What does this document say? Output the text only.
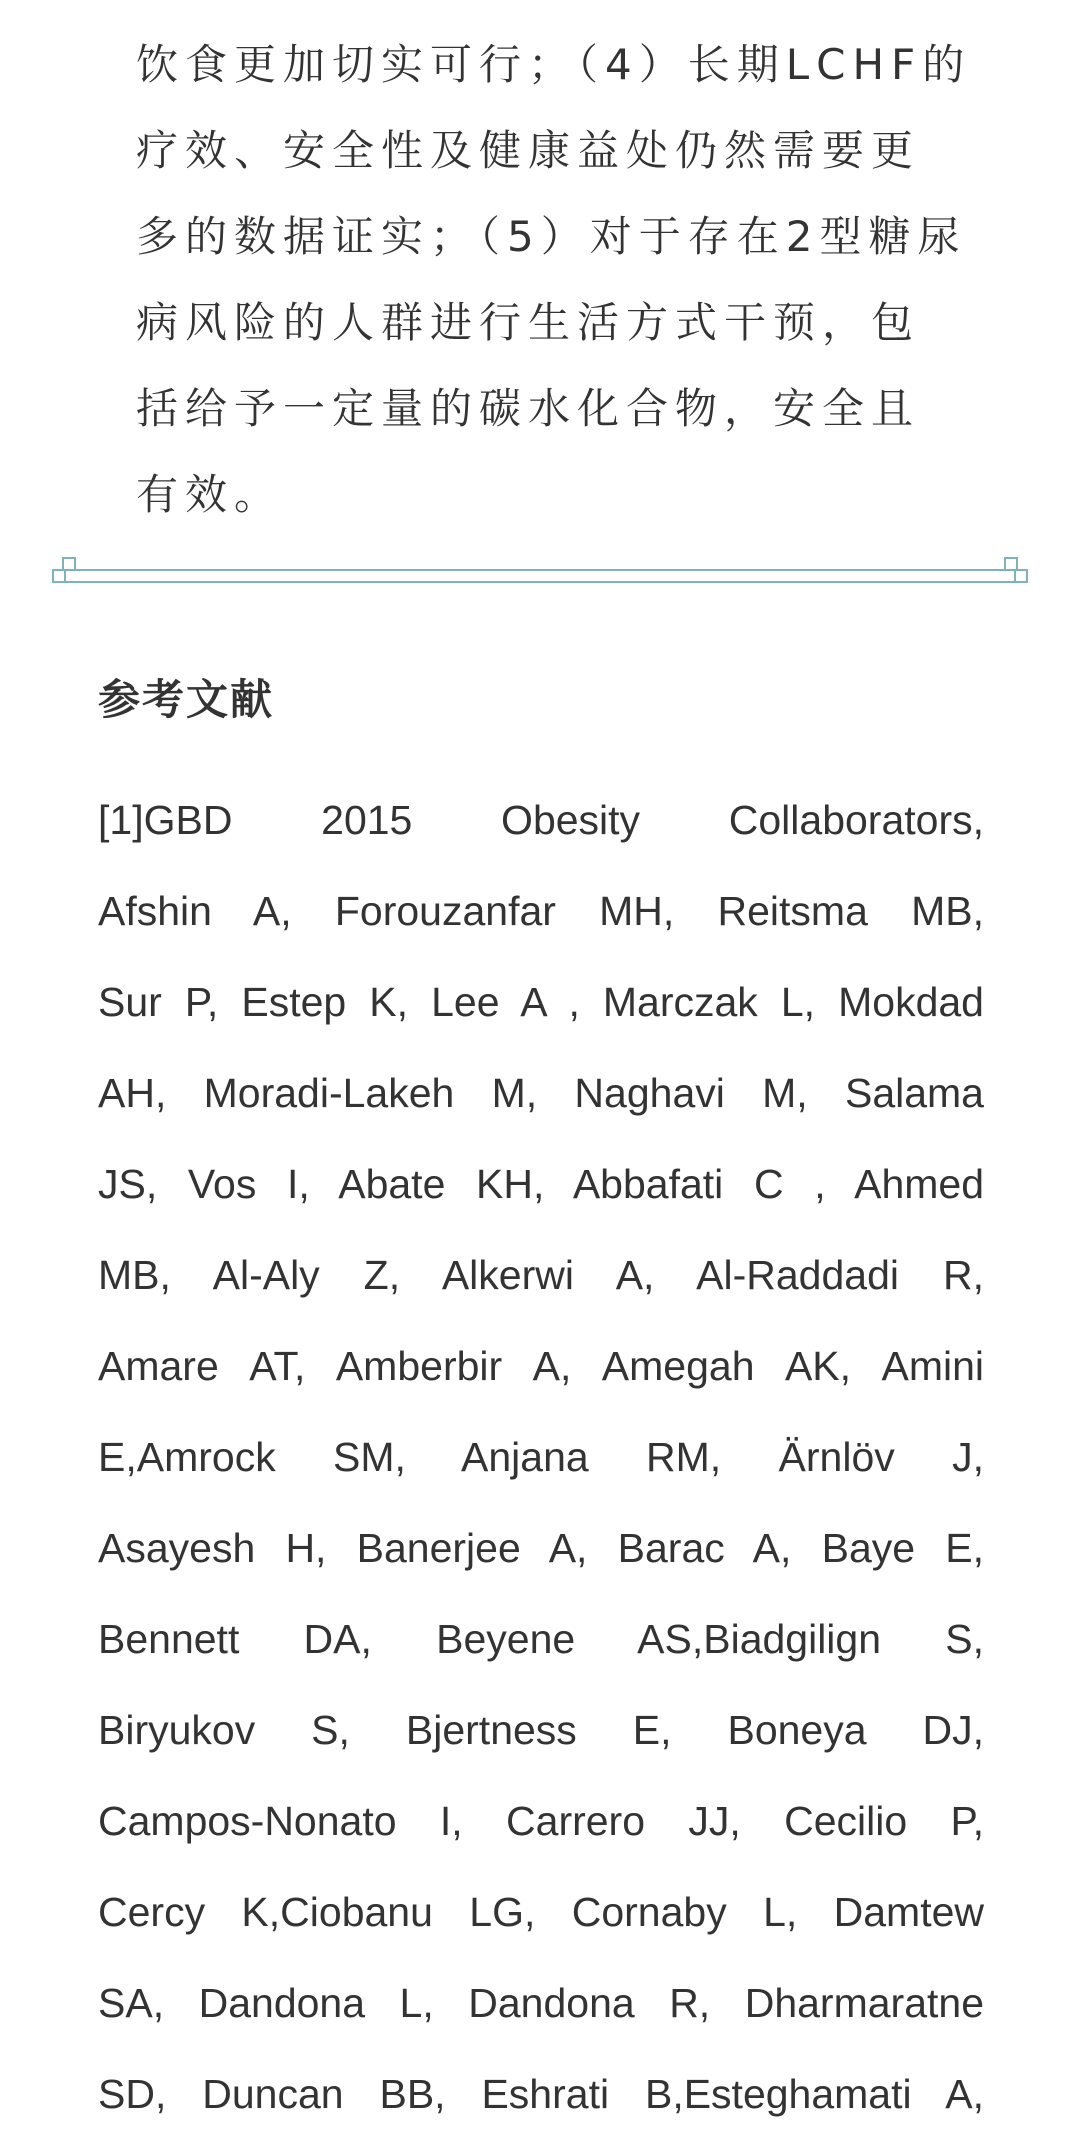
饮食更加切实可行；（4）长期LCHF的
疗效、安全性及健康益处仍然需要更
多的数据证实；（5）对于存在2型糖尿
病风险的人群进行生活方式干预，包
括给予一定量的碳水化合物，安全且
有效。
参考文献
[1]GBD 2015 Obesity Collaborators,
Afshin A, Forouzanfar MH, Reitsma MB,
Sur P, Estep K, Lee A , Marczak L, Mokdad
AH, Moradi-Lakeh M, Naghavi M, Salama
JS, Vos I, Abate KH, Abbafati C , Ahmed
MB, Al-Aly Z, Alkerwi A, Al-Raddadi R,
Amare AT, Amberbir A, Amegah AK, Amini
E,Amrock SM, Anjana RM, Ärnlöv J,
Asayesh H, Banerjee A, Barac A, Baye E,
Bennett DA, Beyene AS,Biadgilign S,
Biryukov S, Bjertness E, Boneya DJ,
Campos-Nonato I, Carrero JJ, Cecilio P,
Cercy K,Ciobanu LG, Cornaby L, Damtew
SA, Dandona L, Dandona R, Dharmaratne
SD, Duncan BB, Eshrati B,Esteghamati A,
